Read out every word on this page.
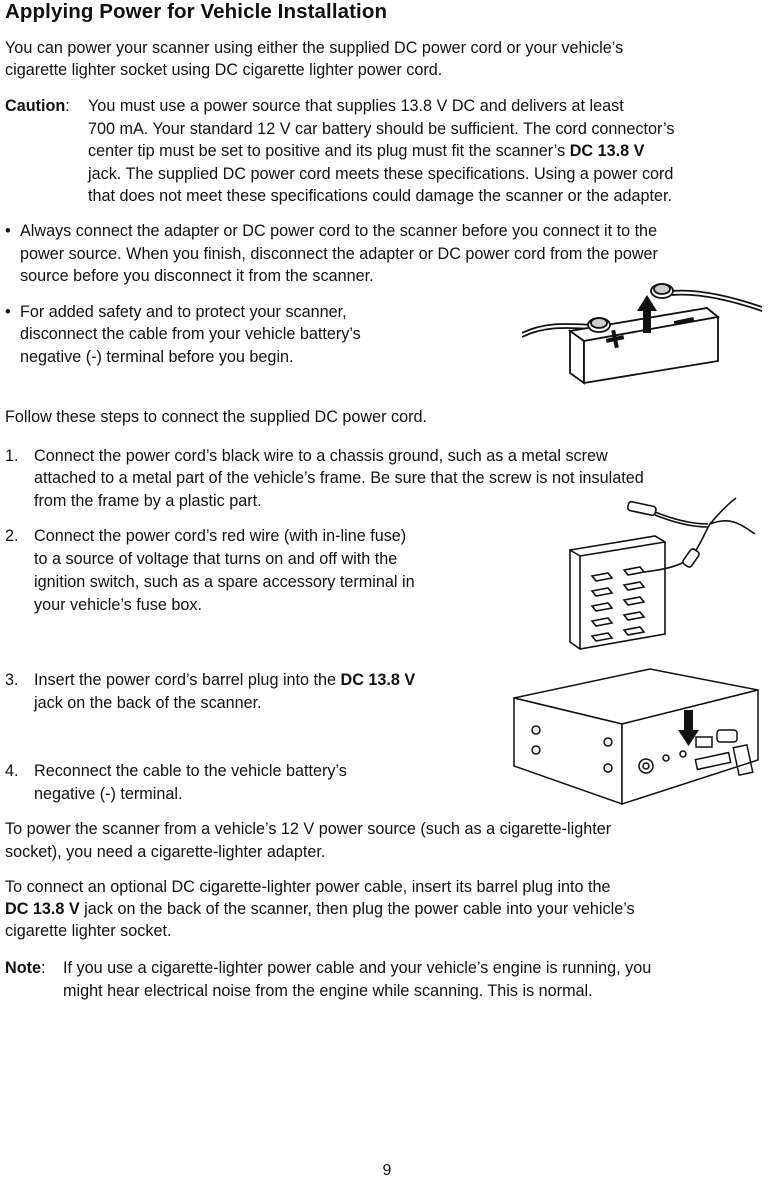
Applying Power for Vehicle Installation

You can power your scanner using either the supplied DC power cord or your vehicle’s

cigarette lighter socket using DC cigarette lighter power cord.

Caution: You must use a power source that supplies 13.8 V DC and delivers at least

700 mA. Your standard 12 V car battery should be sufficient. The cord connector’s

center tip must be set to positive and its plug must fit the scanner’s DC 13.8 V

jack. The supplied DC power cord meets these specifications. Using a power cord

that does not meet these specifications could damage the scanner or the adapter.

• Always connect the adapter or DC power cord to the scanner before you connect it to the

power source. When you finish, disconnect the adapter or DC power cord from the power

source before you disconnect it from the scanner.

• For added safety and to protect your scanner,

disconnect the cable from your vehicle battery’s

negative (-) terminal before you begin.

Follow these steps to connect the supplied DC power cord.

1. Connect the power cord’s black wire to a chassis ground, such as a metal screw

attached to a metal part of the vehicle’s frame. Be sure that the screw is not insulated

from the frame by a plastic part.

2. Connect the power cord’s red wire (with in-line fuse)

to a source of voltage that turns on and off with the

ignition switch, such as a spare accessory terminal in

your vehicle’s fuse box.

3. Insert the power cord’s barrel plug into the DC 13.8 V

jack on the back of the scanner.

4. Reconnect the cable to the vehicle battery’s

negative (-) terminal.

To power the scanner from a vehicle’s 12 V power source (such as a cigarette-lighter

socket), you need a cigarette-lighter adapter.

To connect an optional DC cigarette-lighter power cable, insert its barrel plug into the

DC 13.8 V jack on the back of the scanner, then plug the power cable into your vehicle’s

cigarette lighter socket.

Note: If you use a cigarette-lighter power cable and your vehicle’s engine is running, you

might hear electrical noise from the engine while scanning. This is normal.

9
